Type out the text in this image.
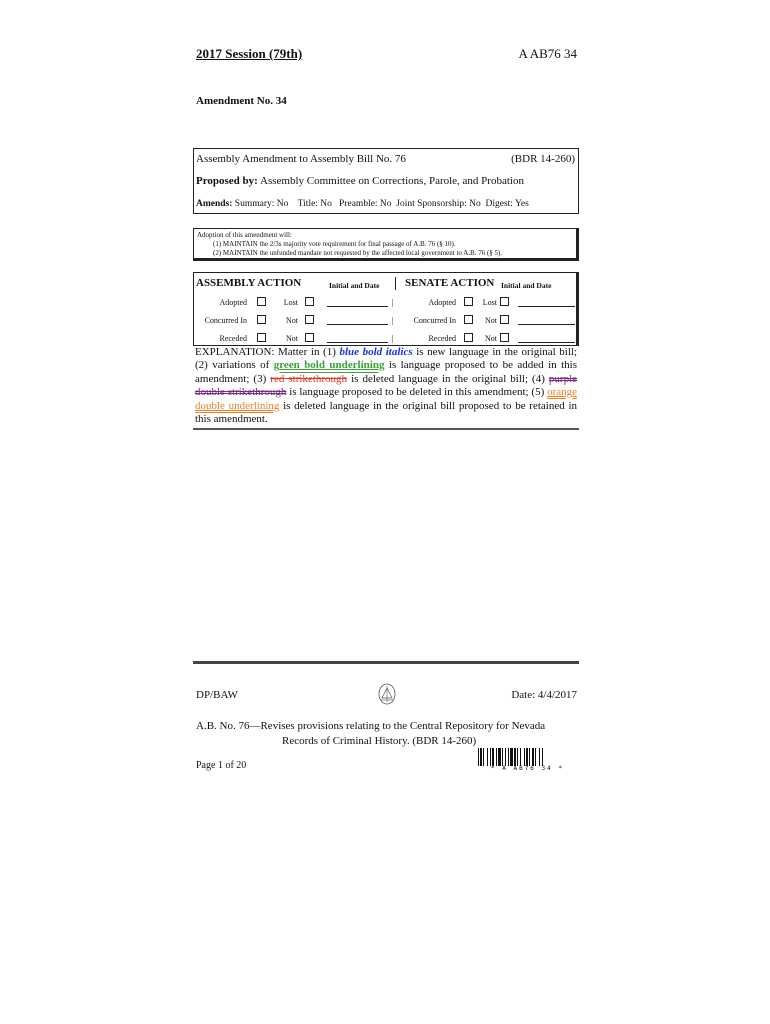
2017 Session (79th)	A AB76 34
Amendment No. 34
Assembly Amendment to Assembly Bill No. 76	(BDR 14-260)
Proposed by: Assembly Committee on Corrections, Parole, and Probation
Amends: Summary: No    Title: No   Preamble: No  Joint Sponsorship: No  Digest: Yes
Adoption of this amendment will:
(1) MAINTAIN the 2/3s majority vote requirement for final passage of A.B. 76 (§ 10).
(2) MAINTAIN the unfunded mandate not requested by the affected local government to A.B. 76 (§ 5).
ASSEMBLY ACTION	Initial and Date SENATE ACTION Initial and Date
Adopted	Lost	|	Adopted	Lost
Concurred In	Not	|	Concurred In	Not
Receded	Not	|	Receded	Not
EXPLANATION: Matter in (1) blue bold italics is new language in the original bill; (2) variations of green bold underlining is language proposed to be added in this amendment; (3) red strikethrough is deleted language in the original bill; (4) purple double strikethrough is language proposed to be deleted in this amendment; (5) orange double underlining is deleted language in the original bill proposed to be retained in this amendment.
DP/BAW	Date: 4/4/2017
A.B. No. 76—Revises provisions relating to the Central Repository for Nevada
Records of Criminal History. (BDR 14-260)
Page 1 of 20	* A AB76 34 *
